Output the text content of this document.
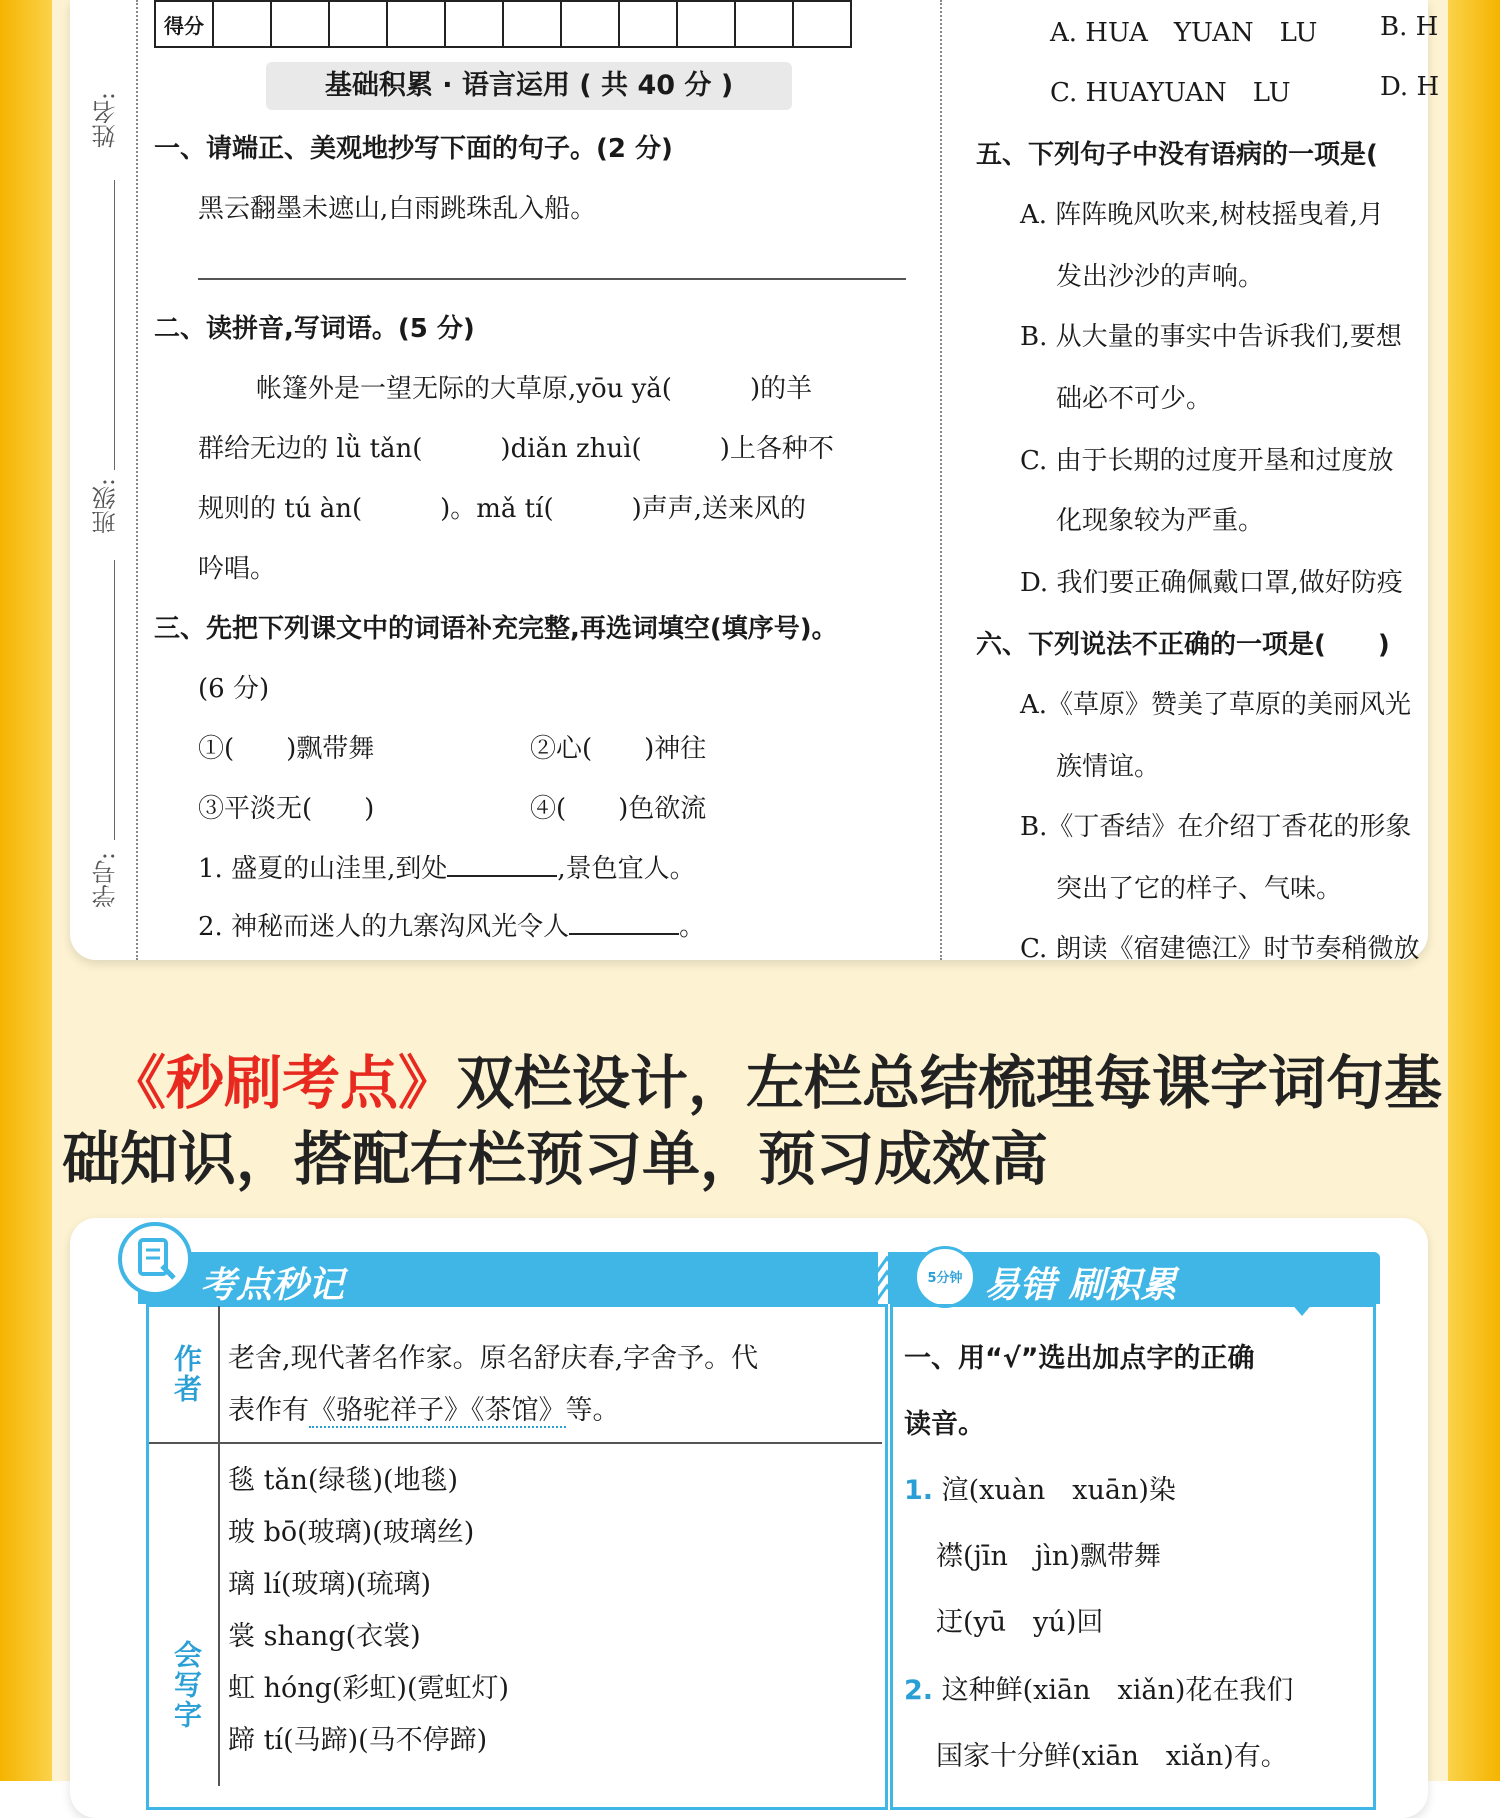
姓名:
班级:
学号:
得分											
基础积累 · 语言运用 ( 共 40 分 )
一、请端正、美观地抄写下面的句子。(2 分)
黑云翻墨未遮山,白雨跳珠乱入船。
二、读拼音,写词语。(5 分)
帐篷外是一望无际的大草原,yōu yǎ(　　　)的羊
群给无边的 lǜ tǎn(　　　)diǎn zhuì(　　　)上各种不
规则的 tú àn(　　　)。mǎ tí(　　　)声声,送来风的
吟唱。
三、先把下列课文中的词语补充完整,再选词填空(填序号)。
(6 分)
①(　　)飘带舞	②心(　　)神往
③平淡无(　　)	④(　　)色欲流
1. 盛夏的山洼里,到处	,景色宜人。
2. 神秘而迷人的九寨沟风光令人	。
A. HUA　YUAN　LU B. H
C. HUAYUAN　LU	D. H
五、下列句子中没有语病的一项是(
A. 阵阵晚风吹来,树枝摇曳着,月
发出沙沙的声响。
B. 从大量的事实中告诉我们,要想
础必不可少。
C. 由于长期的过度开垦和过度放
化现象较为严重。
D. 我们要正确佩戴口罩,做好防疫
六、下列说法不正确的一项是(　　)
A.《草原》赞美了草原的美丽风光
族情谊。
B.《丁香结》在介绍丁香花的形象
突出了它的样子、气味。
C. 朗读《宿建德江》时节奏稍微放
《秒刷考点》双栏设计，左栏总结梳理每课字词句基
础知识，搭配右栏预习单，预习成效高
考点秒记	5分钟 易错 刷积累
作者 老舍,现代著名作家。原名舒庆春,字舍予。代
表作有《骆驼祥子》《茶馆》等。
会写字
毯 tǎn(绿毯)(地毯)
玻 bō(玻璃)(玻璃丝)
璃 lí(玻璃)(琉璃)
裳 shang(衣裳)
虹 hóng(彩虹)(霓虹灯)
蹄 tí(马蹄)(马不停蹄)
一、用“√”选出加点字的正确
读音。
1. 渲(xuàn　xuān)染
襟(jīn　jìn)飘带舞
迂(yū　yú)回
2. 这种鲜(xiān　xiǎn)花在我们
国家十分鲜(xiān　xiǎn)有。
